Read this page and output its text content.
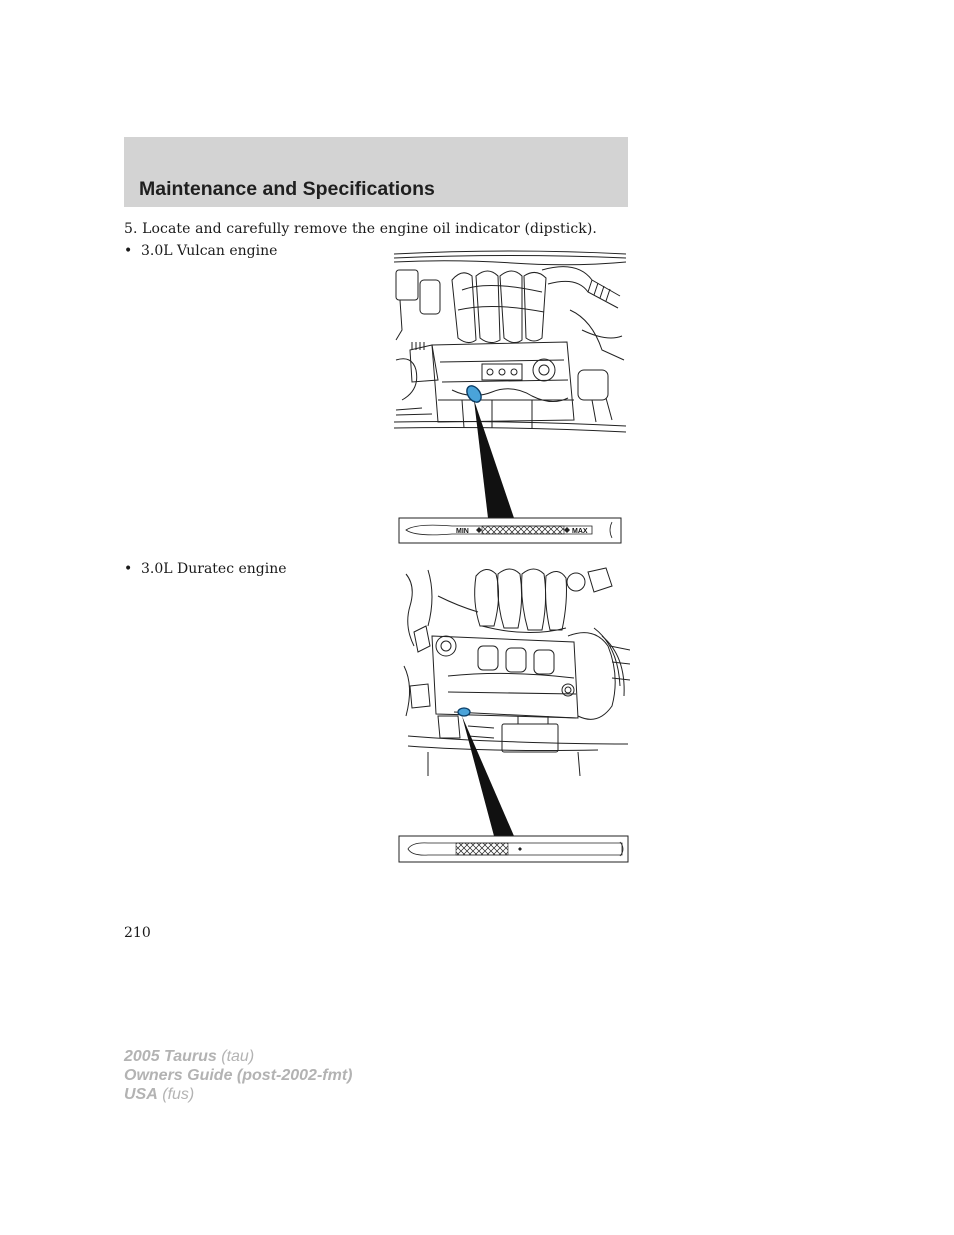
Maintenance and Specifications

5. Locate and carefully remove the engine oil indicator (dipstick).

• 3.0L Vulcan engine

• 3.0L Duratec engine

MIN	MAX
210
2005 Taurus (tau)
Owners Guide (post-2002-fmt)
USA (fus)
